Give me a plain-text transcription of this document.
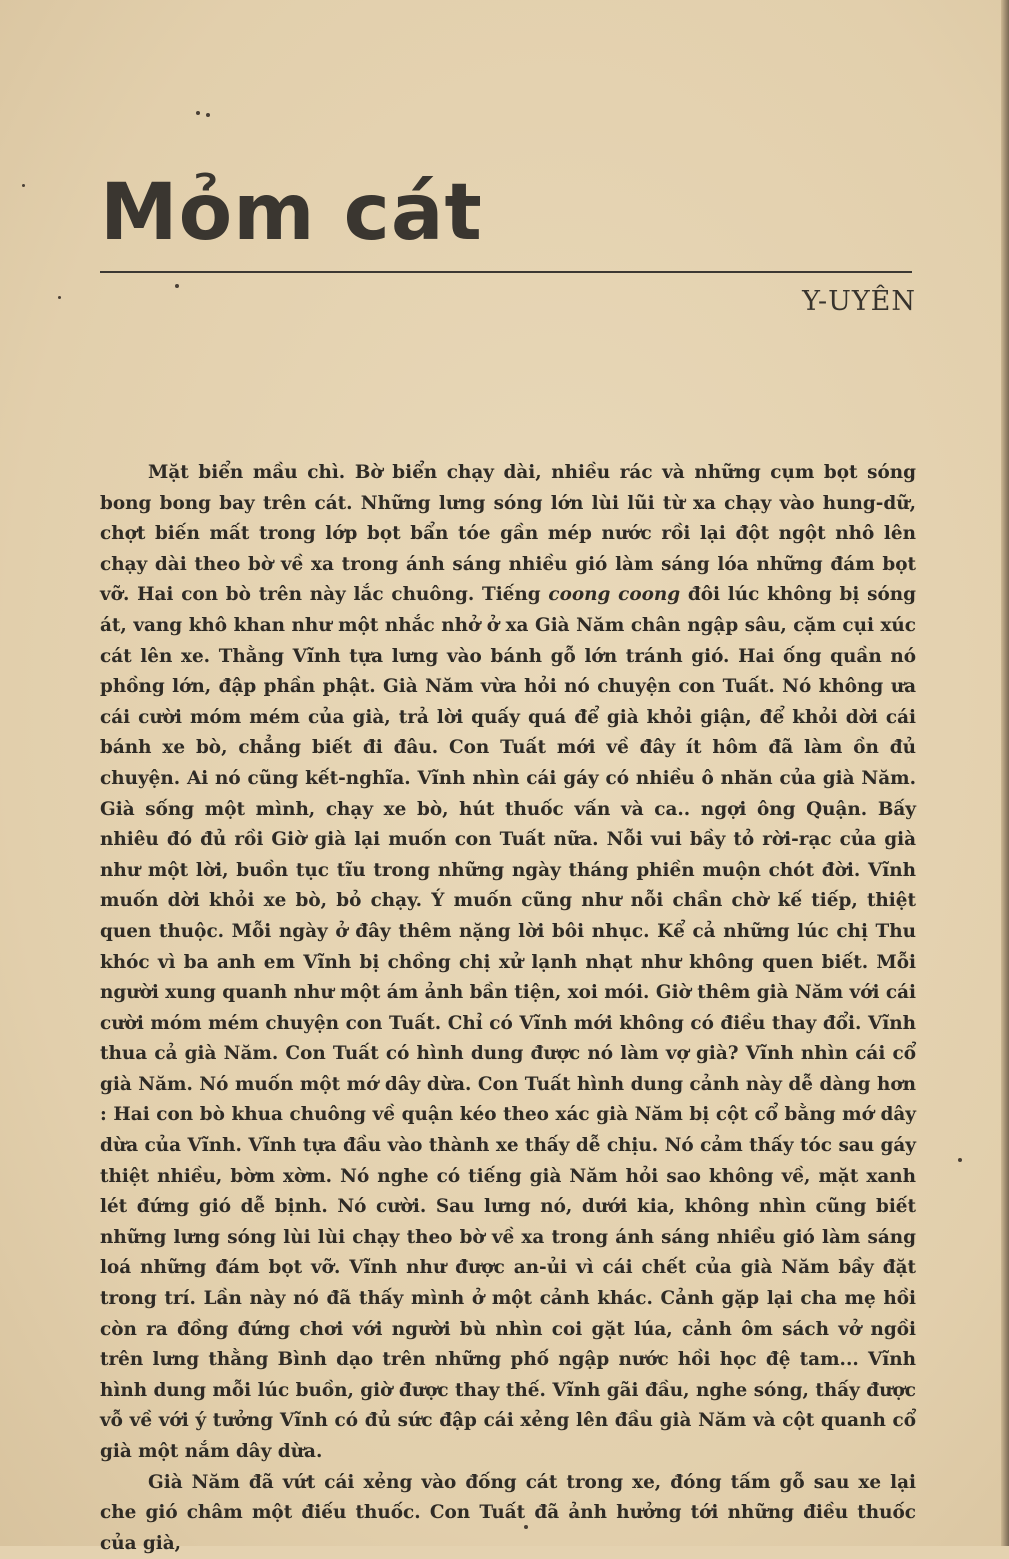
Mỏm cát
Y-UYÊN

Mặt biển mầu chì. Bờ biển chạy dài, nhiều rác và những cụm bọt sóng bong bong bay trên cát. Những lưng sóng lớn lùi lũi từ xa chạy vào hung-dữ, chợt biến mất trong lớp bọt bẩn tóe gần mép nước rồi lại đột ngột nhô lên chạy dài theo bờ về xa trong ánh sáng nhiều gió làm sáng lóa những đám bọt vỡ. Hai con bò trên này lắc chuông. Tiếng coong coong đôi lúc không bị sóng át, vang khô khan như một nhắc nhở ở xa Già Năm chân ngập sâu, cặm cụi xúc cát lên xe. Thằng Vĩnh tựa lưng vào bánh gỗ lớn tránh gió. Hai ống quần nó phồng lớn, đập phần phật. Già Năm vừa hỏi nó chuyện con Tuất. Nó không ưa cái cười móm mém của già, trả lời quấy quá để già khỏi giận, để khỏi dời cái bánh xe bò, chẳng biết đi đâu. Con Tuất mới về đây ít hôm đã làm ồn đủ chuyện. Ai nó cũng kết-nghĩa. Vĩnh nhìn cái gáy có nhiều ô nhăn của già Năm. Già sống một mình, chạy xe bò, hút thuốc vấn và ca.. ngợi ông Quận. Bấy nhiêu đó đủ rồi Giờ già lại muốn con Tuất nữa. Nỗi vui bầy tỏ rời-rạc của già như một lời, buồn tục tĩu trong những ngày tháng phiền muộn chót đời. Vĩnh muốn dời khỏi xe bò, bỏ chạy. Ý muốn cũng như nỗi chần chờ kế tiếp, thiệt quen thuộc. Mỗi ngày ở đây thêm nặng lời bôi nhục. Kể cả những lúc chị Thu khóc vì ba anh em Vĩnh bị chồng chị xử lạnh nhạt như không quen biết. Mỗi người xung quanh như một ám ảnh bần tiện, xoi mói. Giờ thêm già Năm với cái cười móm mém chuyện con Tuất. Chỉ có Vĩnh mới không có điều thay đổi. Vĩnh thua cả già Năm. Con Tuất có hình dung được nó làm vợ già? Vĩnh nhìn cái cổ già Năm. Nó muốn một mớ dây dừa. Con Tuất hình dung cảnh này dễ dàng hơn : Hai con bò khua chuông về quận kéo theo xác già Năm bị cột cổ bằng mớ dây dừa của Vĩnh. Vĩnh tựa đầu vào thành xe thấy dễ chịu. Nó cảm thấy tóc sau gáy thiệt nhiều, bờm xờm. Nó nghe có tiếng già Năm hỏi sao không về, mặt xanh lét đứng gió dễ bịnh. Nó cười. Sau lưng nó, dưới kia, không nhìn cũng biết những lưng sóng lùi lùi chạy theo bờ về xa trong ánh sáng nhiều gió làm sáng loá những đám bọt vỡ. Vĩnh như được an-ủi vì cái chết của già Năm bầy đặt trong trí. Lần này nó đã thấy mình ở một cảnh khác. Cảnh gặp lại cha mẹ hồi còn ra đồng đứng chơi với người bù nhìn coi gặt lúa, cảnh ôm sách vở ngồi trên lưng thằng Bình dạo trên những phố ngập nước hồi học đệ tam... Vĩnh hình dung mỗi lúc buồn, giờ được thay thế. Vĩnh gãi đầu, nghe sóng, thấy được vỗ về với ý tưởng Vĩnh có đủ sức đập cái xẻng lên đầu già Năm và cột quanh cổ già một nắm dây dừa.

Già Năm đã vứt cái xẻng vào đống cát trong xe, đóng tấm gỗ sau xe lại che gió châm một điếu thuốc. Con Tuất đã ảnh hưởng tới những điều thuốc của già,
